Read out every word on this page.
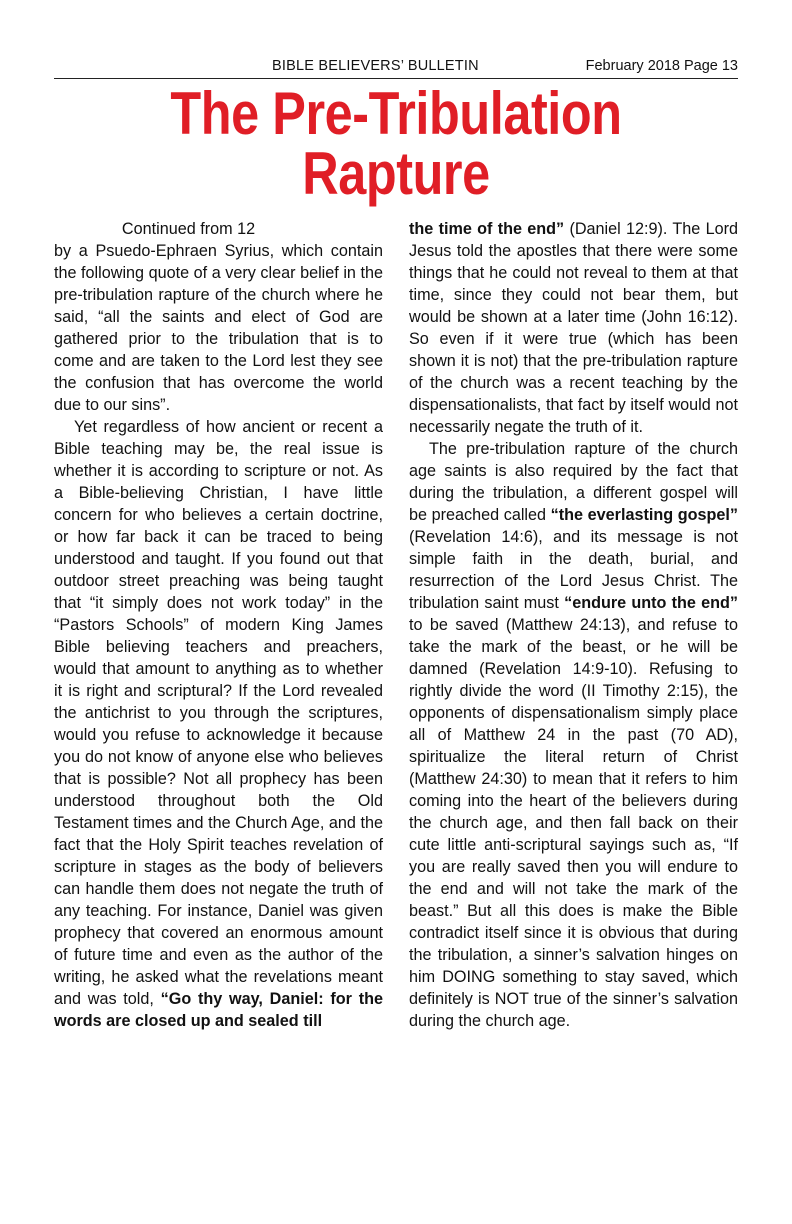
BIBLE BELIEVERS’ BULLETIN	February 2018 Page 13
The Pre-Tribulation
Rapture
Continued from 12

by a Psuedo-Ephraen Syrius, which contain the following quote of a very clear belief in the pre-tribulation rapture of the church where he said, “all the saints and elect of God are gathered prior to the tribulation that is to come and are taken to the Lord lest they see the confusion that has overcome the world due to our sins”.

Yet regardless of how ancient or recent a Bible teaching may be, the real issue is whether it is according to scripture or not. As a Bible-believing Christian, I have little concern for who believes a certain doctrine, or how far back it can be traced to being understood and taught. If you found out that outdoor street preaching was being taught that “it simply does not work today” in the “Pastors Schools” of modern King James Bible believing teachers and preachers, would that amount to anything as to whether it is right and scriptural? If the Lord revealed the antichrist to you through the scriptures, would you refuse to acknowledge it because you do not know of anyone else who believes that is possible? Not all prophecy has been understood throughout both the Old Testament times and the Church Age, and the fact that the Holy Spirit teaches revelation of scripture in stages as the body of believers can handle them does not negate the truth of any teaching. For instance, Daniel was given prophecy that covered an enormous amount of future time and even as the author of the writing, he asked what the revelations meant and was told, “Go thy way, Daniel: for the words are closed up and sealed till

the time of the end” (Daniel 12:9). The Lord Jesus told the apostles that there were some things that he could not reveal to them at that time, since they could not bear them, but would be shown at a later time (John 16:12). So even if it were true (which has been shown it is not) that the pre-tribulation rapture of the church was a recent teaching by the dispensationalists, that fact by itself would not necessarily negate the truth of it.

The pre-tribulation rapture of the church age saints is also required by the fact that during the tribulation, a different gospel will be preached called “the everlasting gospel” (Revelation 14:6), and its message is not simple faith in the death, burial, and resurrection of the Lord Jesus Christ. The tribulation saint must “endure unto the end” to be saved (Matthew 24:13), and refuse to take the mark of the beast, or he will be damned (Revelation 14:9-10). Refusing to rightly divide the word (II Timothy 2:15), the opponents of dispensationalism simply place all of Matthew 24 in the past (70 AD), spiritualize the literal return of Christ (Matthew 24:30) to mean that it refers to him coming into the heart of the believers during the church age, and then fall back on their cute little anti-scriptural sayings such as, “If you are really saved then you will endure to the end and will not take the mark of the beast.” But all this does is make the Bible contradict itself since it is obvious that during the tribulation, a sinner’s salvation hinges on him DOING something to stay saved, which definitely is NOT true of the sinner’s salvation during the church age.
